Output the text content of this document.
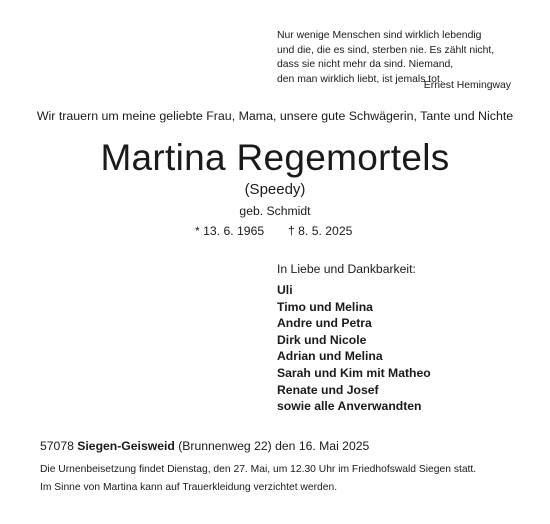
Nur wenige Menschen sind wirklich lebendig
und die, die es sind, sterben nie. Es zählt nicht,
dass sie nicht mehr da sind. Niemand,
den man wirklich liebt, ist jemals tot.
Ernest Hemingway
Wir trauern um meine geliebte Frau, Mama, unsere gute Schwägerin, Tante und Nichte
Martina Regemortels
(Speedy)
geb. Schmidt
* 13. 6. 1965 † 8. 5. 2025
In Liebe und Dankbarkeit:
Uli
Timo und Melina
Andre und Petra
Dirk und Nicole
Adrian und Melina
Sarah und Kim mit Matheo
Renate und Josef
sowie alle Anverwandten
57078 Siegen-Geisweid (Brunnenweg 22) den 16. Mai 2025
Die Urnenbeisetzung findet Dienstag, den 27. Mai, um 12.30 Uhr im Friedhofswald Siegen statt.
Im Sinne von Martina kann auf Trauerkleidung verzichtet werden.
